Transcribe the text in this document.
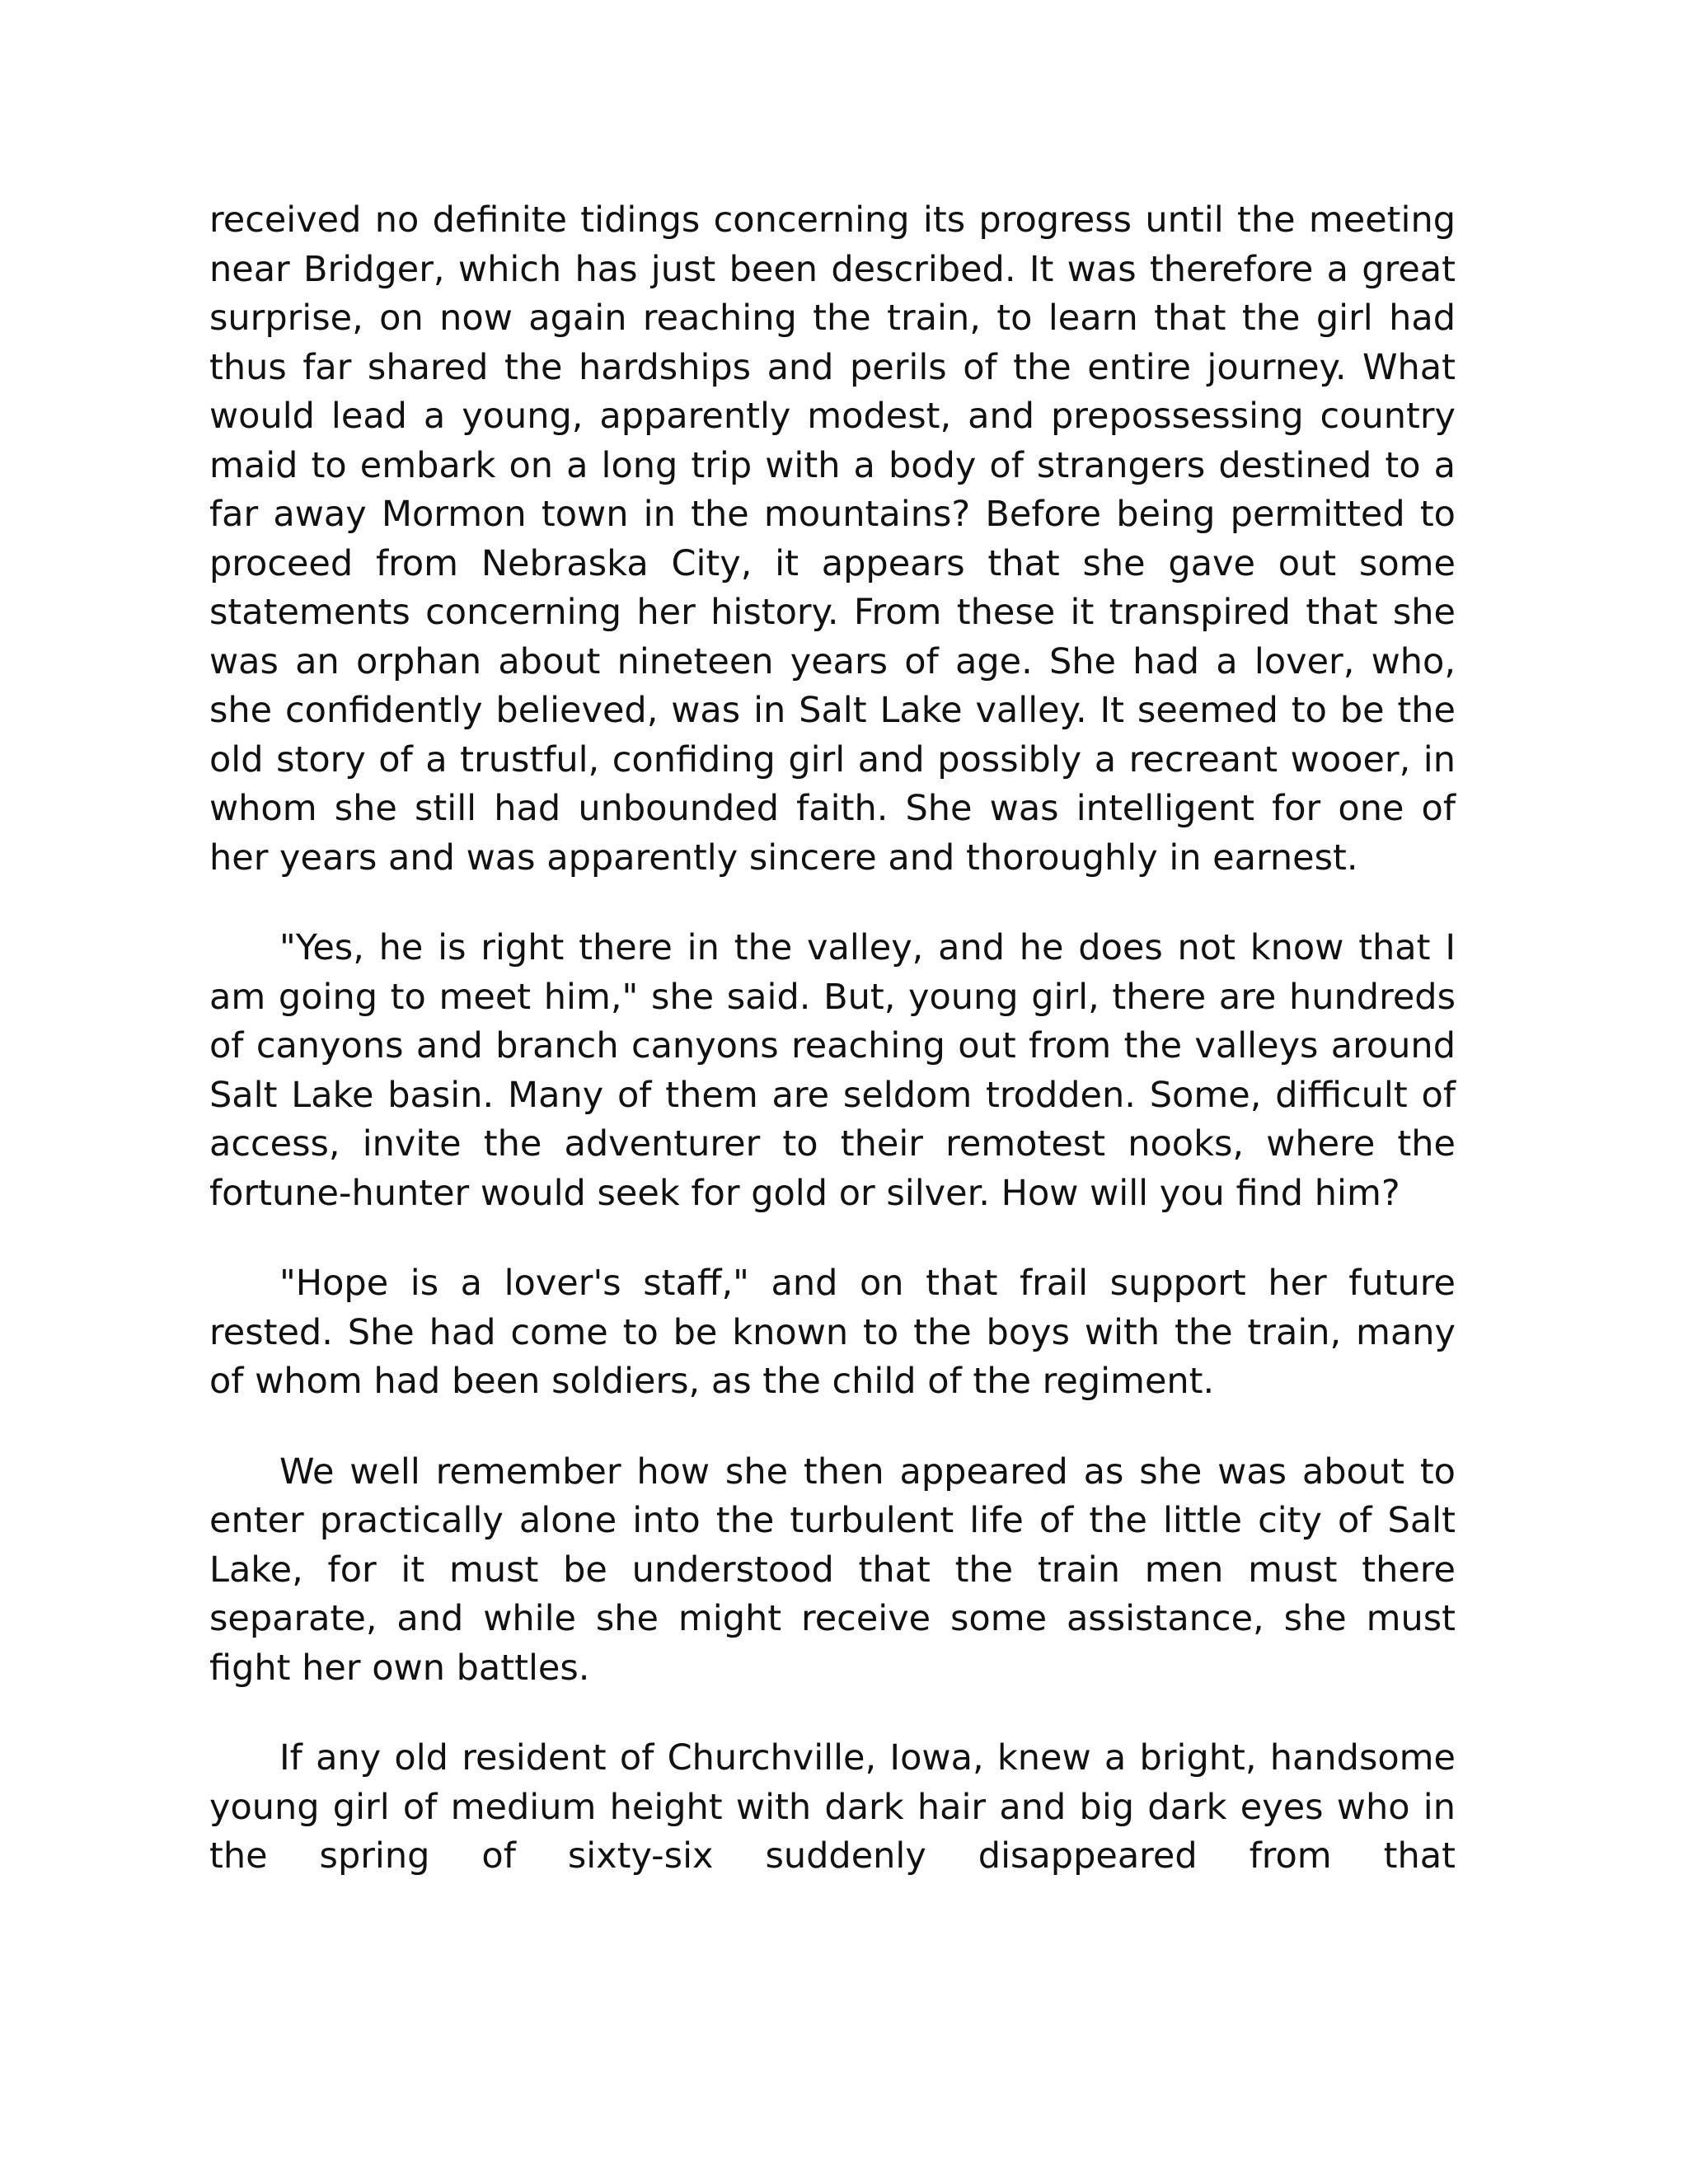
received no definite tidings concerning its progress until the meeting near Bridger, which has just been described. It was therefore a great surprise, on now again reaching the train, to learn that the girl had thus far shared the hardships and perils of the entire journey. What would lead a young, apparently modest, and prepossessing country maid to embark on a long trip with a body of strangers destined to a far away Mormon town in the mountains? Before being permitted to proceed from Nebraska City, it appears that she gave out some statements concerning her history. From these it transpired that she was an orphan about nineteen years of age. She had a lover, who, she confidently believed, was in Salt Lake valley. It seemed to be the old story of a trustful, confiding girl and possibly a recreant wooer, in whom she still had unbounded faith. She was intelligent for one of her years and was apparently sincere and thoroughly in earnest.

"Yes, he is right there in the valley, and he does not know that I am going to meet him," she said. But, young girl, there are hundreds of canyons and branch canyons reaching out from the valleys around Salt Lake basin. Many of them are seldom trodden. Some, difficult of access, invite the adventurer to their remotest nooks, where the fortune-hunter would seek for gold or silver. How will you find him?

"Hope is a lover's staff," and on that frail support her future rested. She had come to be known to the boys with the train, many of whom had been soldiers, as the child of the regiment.

We well remember how she then appeared as she was about to enter practically alone into the turbulent life of the little city of Salt Lake, for it must be understood that the train men must there separate, and while she might receive some assistance, she must fight her own battles.

If any old resident of Churchville, Iowa, knew a bright, handsome young girl of medium height with dark hair and big dark eyes who in the spring of sixty-six suddenly disappeared from that
